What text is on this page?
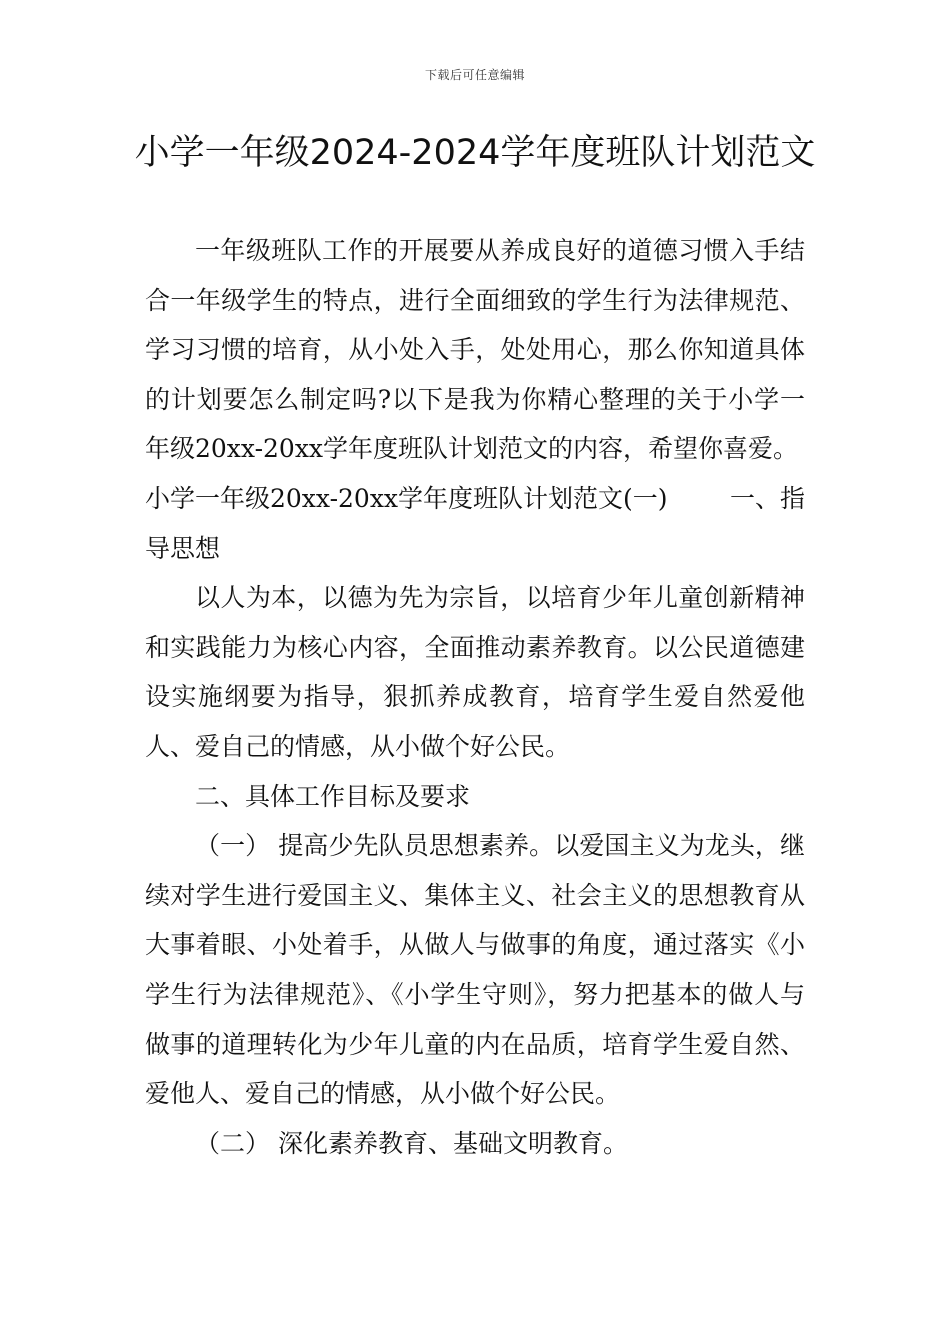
下载后可任意编辑
小学一年级2024-2024学年度班队计划范文

一年级班队工作的开展要从养成良好的道德习惯入手结合一年级学生的特点，进行全面细致的学生行为法律规范、学习习惯的培育，从小处入手，处处用心，那么你知道具体的计划要怎么制定吗?以下是我为你精心整理的关于小学一年级20xx-20xx学年度班队计划范文的内容，希望你喜爱。

小学一年级20xx-20xx学年度班队计划范文(一) 一、指

导思想

以人为本，以德为先为宗旨，以培育少年儿童创新精神和实践能力为核心内容，全面推动素养教育。以公民道德建设实施纲要为指导，狠抓养成教育，培育学生爱自然爱他人、爱自己的情感，从小做个好公民。

二、具体工作目标及要求

（一） 提高少先队员思想素养。以爱国主义为龙头，继续对学生进行爱国主义、集体主义、社会主义的思想教育从大事着眼、小处着手，从做人与做事的角度，通过落实《小学生行为法律规范》、《小学生守则》，努力把基本的做人与做事的道理转化为少年儿童的内在品质，培育学生爱自然、爱他人、爱自己的情感，从小做个好公民。

（二） 深化素养教育、基础文明教育。
